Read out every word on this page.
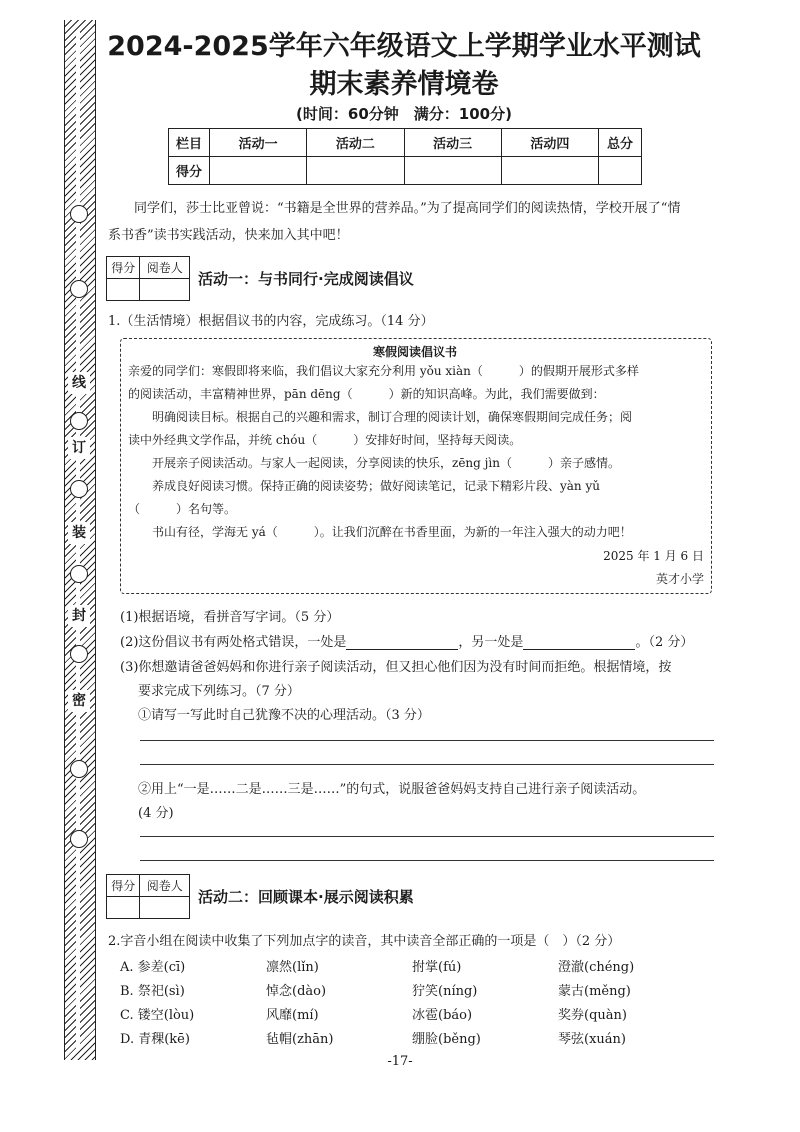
线
订
装
封
密
2024-2025学年六年级语文上学期学业水平测试
期末素养情境卷
(时间：60分钟　满分：100分)
栏目	活动一	活动二	活动三	活动四	总分
得分					
同学们，莎士比亚曾说：“书籍是全世界的营养品。”为了提高同学们的阅读热情，学校开展了“情
系书香”读书实践活动，快来加入其中吧！
得分	阅卷人

活动一：与书同行·完成阅读倡议
1.（生活情境）根据倡议书的内容，完成练习。（14 分）
寒假阅读倡议书
亲爱的同学们：寒假即将来临，我们倡议大家充分利用 yǒu xiàn（　　　）的假期开展形式多样
的阅读活动，丰富精神世界，pān dēng（　　　）新的知识高峰。为此，我们需要做到：
　　明确阅读目标。根据自己的兴趣和需求，制订合理的阅读计划，确保寒假期间完成任务；阅
读中外经典文学作品，并统 chóu（　　　）安排好时间，坚持每天阅读。
　　开展亲子阅读活动。与家人一起阅读，分享阅读的快乐，zēng jìn（　　　）亲子感情。
　　养成良好阅读习惯。保持正确的阅读姿势；做好阅读笔记，记录下精彩片段、yàn yǔ
（　　　）名句等。
　　书山有径，学海无 yá（　　　）。让我们沉醉在书香里面，为新的一年注入强大的动力吧！
2025 年 1 月 6 日
英才小学
(1)根据语境，看拼音写字词。（5 分）
(2)这份倡议书有两处格式错误，一处是	，另一处是	。（2 分）
(3)你想邀请爸爸妈妈和你进行亲子阅读活动，但又担心他们因为没有时间而拒绝。根据情境，按
要求完成下列练习。（7 分）
①请写一写此时自己犹豫不决的心理活动。（3 分）
②用上“一是……二是……三是……”的句式，说服爸爸妈妈支持自己进行亲子阅读活动。
(4 分)
得分	阅卷人

活动二：回顾课本·展示阅读积累
2.字音小组在阅读中收集了下列加点字的读音，其中读音全部正确的一项是（　）（2 分）
A. 参差(cī)	凛然(lǐn)	拊掌(fú)	澄澈(chéng)
B. 祭祀(sì)	悼念(dào)	狞笑(níng)	蒙古(měng)
C. 镂空(lòu)	风靡(mí)	冰雹(báo)	奖券(quàn)
D. 青稞(kē)	毡帽(zhān)	绷脸(běng)	琴弦(xuán)
-17-
